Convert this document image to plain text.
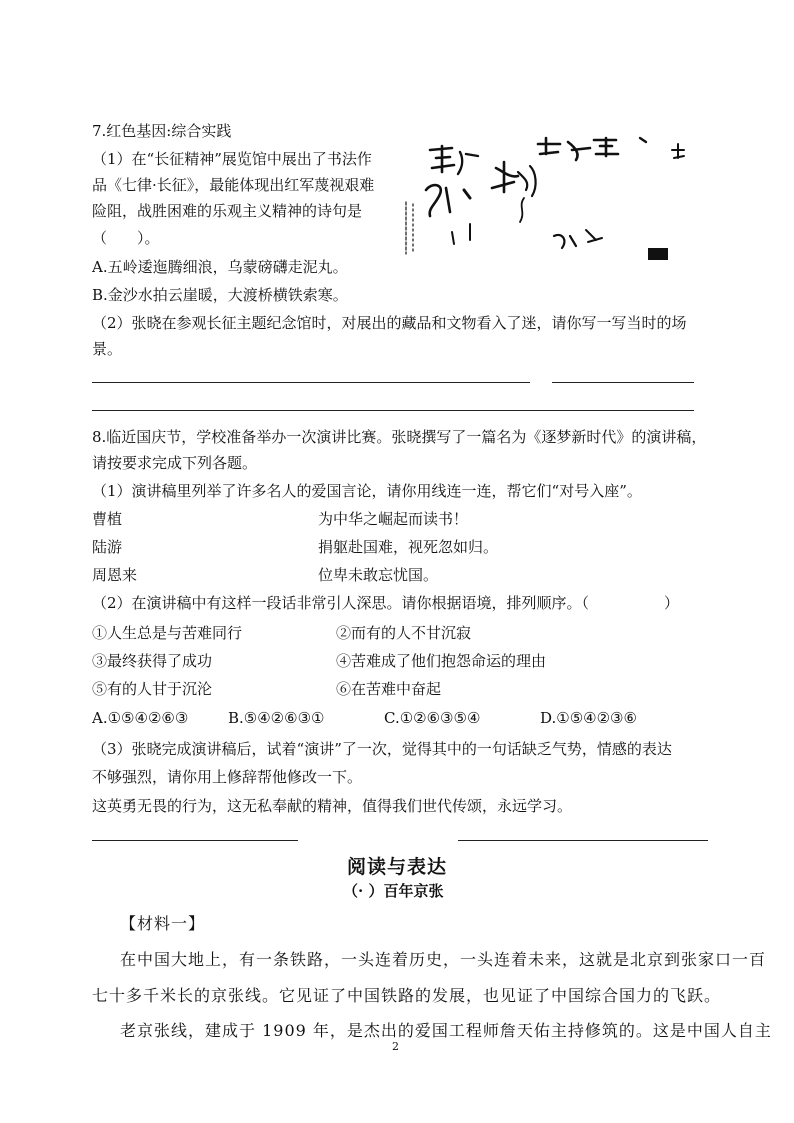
7.红色基因:综合实践
（1）在“长征精神”展览馆中展出了书法作
品《七律·长征》，最能体现出红军蔑视艰难
险阻，战胜困难的乐观主义精神的诗句是
（　　）。
A.五岭逶迤腾细浪，乌蒙磅礴走泥丸。
B.金沙水拍云崖暖，大渡桥横铁索寒。
（2）张晓在参观长征主题纪念馆时，对展出的藏品和文物看入了迷，请你写一写当时的场
景。
8.临近国庆节，学校准备举办一次演讲比赛。张晓撰写了一篇名为《逐梦新时代》的演讲稿，
请按要求完成下列各题。
（1）演讲稿里列举了许多名人的爱国言论，请你用线连一连，帮它们“对号入座”。
曹植	为中华之崛起而读书！
陆游	捐躯赴国难，视死忽如归。
周恩来	位卑未敢忘忧国。
（2）在演讲稿中有这样一段话非常引人深思。请你根据语境，排列顺序。（　　　　　）
①人生总是与苦难同行	②而有的人不甘沉寂
③最终获得了成功	④苦难成了他们抱怨命运的理由
⑤有的人甘于沉沦	⑥在苦难中奋起
A.①⑤④②⑥③	B.⑤④②⑥③①	C.①②⑥③⑤④	D.①⑤④②③⑥
（3）张晓完成演讲稿后，试着“演讲”了一次，觉得其中的一句话缺乏气势，情感的表达
不够强烈，请你用上修辞帮他修改一下。
这英勇无畏的行为，这无私奉献的精神，值得我们世代传颂，永远学习。
阅读与表达
（· ）百年京张
【材料一】
在中国大地上，有一条铁路，一头连着历史，一头连着未来，这就是北京到张家口一百
七十多千米长的京张线。它见证了中国铁路的发展，也见证了中国综合国力的飞跃。
老京张线，建成于 1909 年，是杰出的爱国工程师詹天佑主持修筑的。这是中国人自主
2
